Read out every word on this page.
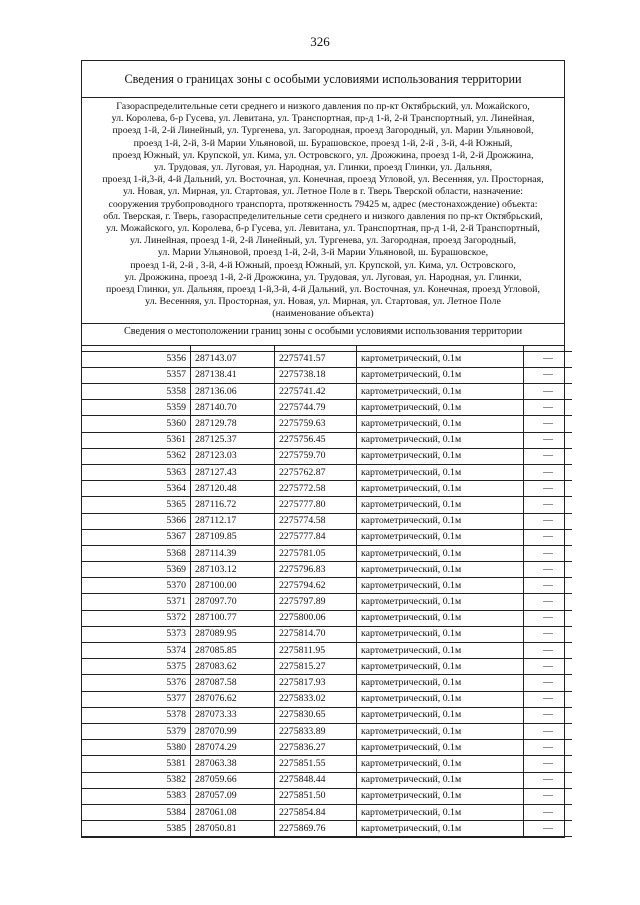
326
Сведения о границах зоны с особыми условиями использования территории
Газораспределительные сети среднего и низкого давления по пр-кт Октябрьский, ул. Можайского,
ул. Королева, б-р Гусева, ул. Левитана, ул. Транспортная, пр-д 1-й, 2-й Транспортный, ул. Линейная,
проезд 1-й, 2-й Линейный, ул. Тургенева, ул. Загородная, проезд Загородный, ул. Марии Ульяновой,
проезд 1-й, 2-й, 3-й Марии Ульяновой, ш. Бурашовское, проезд 1-й, 2-й , 3-й, 4-й Южный,
проезд Южный, ул. Крупской, ул. Кима, ул. Островского, ул. Дрожжина, проезд 1-й, 2-й Дрожжина,
ул. Трудовая, ул. Луговая, ул. Народная, ул. Глинки, проезд Глинки, ул. Дальняя,
проезд 1-й,3-й, 4-й Дальний, ул. Восточная, ул. Конечная, проезд Угловой, ул. Весенняя, ул. Просторная,
ул. Новая, ул. Мирная, ул. Стартовая, ул. Летное Поле в г. Тверь Тверской области, назначение:
сооружения трубопроводного транспорта, протяженность 79425 м, адрес (местонахождение) объекта:
обл. Тверская, г. Тверь, газораспределительные сети среднего и низкого давления по пр-кт Октябрьский,
ул. Можайского, ул. Королева, б-р Гусева, ул. Левитана, ул. Транспортная, пр-д 1-й, 2-й Транспортный,
ул. Линейная, проезд 1-й, 2-й Линейный, ул. Тургенева, ул. Загородная, проезд Загородный,
ул. Марии Ульяновой, проезд 1-й, 2-й, 3-й Марии Ульяновой, ш. Бурашовское,
проезд 1-й, 2-й , 3-й, 4-й Южный, проезд Южный, ул. Крупской, ул. Кима, ул. Островского,
ул. Дрожжина, проезд 1-й, 2-й Дрожжина, ул. Трудовая, ул. Луговая, ул. Народная, ул. Глинки,
проезд Глинки, ул. Дальняя, проезд 1-й,3-й, 4-й Дальний, ул. Восточная, ул. Конечная, проезд Угловой,
ул. Весенняя, ул. Просторная, ул. Новая, ул. Мирная, ул. Стартовая, ул. Летное Поле
(наименование объекта)
Сведения о местоположении границ зоны с особыми условиями использования территории

5356	287143.07	2275741.57	картометрический, 0.1м	—
5357	287138.41	2275738.18	картометрический, 0.1м	—
5358	287136.06	2275741.42	картометрический, 0.1м	—
5359	287140.70	2275744.79	картометрический, 0.1м	—
5360	287129.78	2275759.63	картометрический, 0.1м	—
5361	287125.37	2275756.45	картометрический, 0.1м	—
5362	287123.03	2275759.70	картометрический, 0.1м	—
5363	287127.43	2275762.87	картометрический, 0.1м	—
5364	287120.48	2275772.58	картометрический, 0.1м	—
5365	287116.72	2275777.80	картометрический, 0.1м	—
5366	287112.17	2275774.58	картометрический, 0.1м	—
5367	287109.85	2275777.84	картометрический, 0.1м	—
5368	287114.39	2275781.05	картометрический, 0.1м	—
5369	287103.12	2275796.83	картометрический, 0.1м	—
5370	287100.00	2275794.62	картометрический, 0.1м	—
5371	287097.70	2275797.89	картометрический, 0.1м	—
5372	287100.77	2275800.06	картометрический, 0.1м	—
5373	287089.95	2275814.70	картометрический, 0.1м	—
5374	287085.85	2275811.95	картометрический, 0.1м	—
5375	287083.62	2275815.27	картометрический, 0.1м	—
5376	287087.58	2275817.93	картометрический, 0.1м	—
5377	287076.62	2275833.02	картометрический, 0.1м	—
5378	287073.33	2275830.65	картометрический, 0.1м	—
5379	287070.99	2275833.89	картометрический, 0.1м	—
5380	287074.29	2275836.27	картометрический, 0.1м	—
5381	287063.38	2275851.55	картометрический, 0.1м	—
5382	287059.66	2275848.44	картометрический, 0.1м	—
5383	287057.09	2275851.50	картометрический, 0.1м	—
5384	287061.08	2275854.84	картометрический, 0.1м	—
5385	287050.81	2275869.76	картометрический, 0.1м	—
